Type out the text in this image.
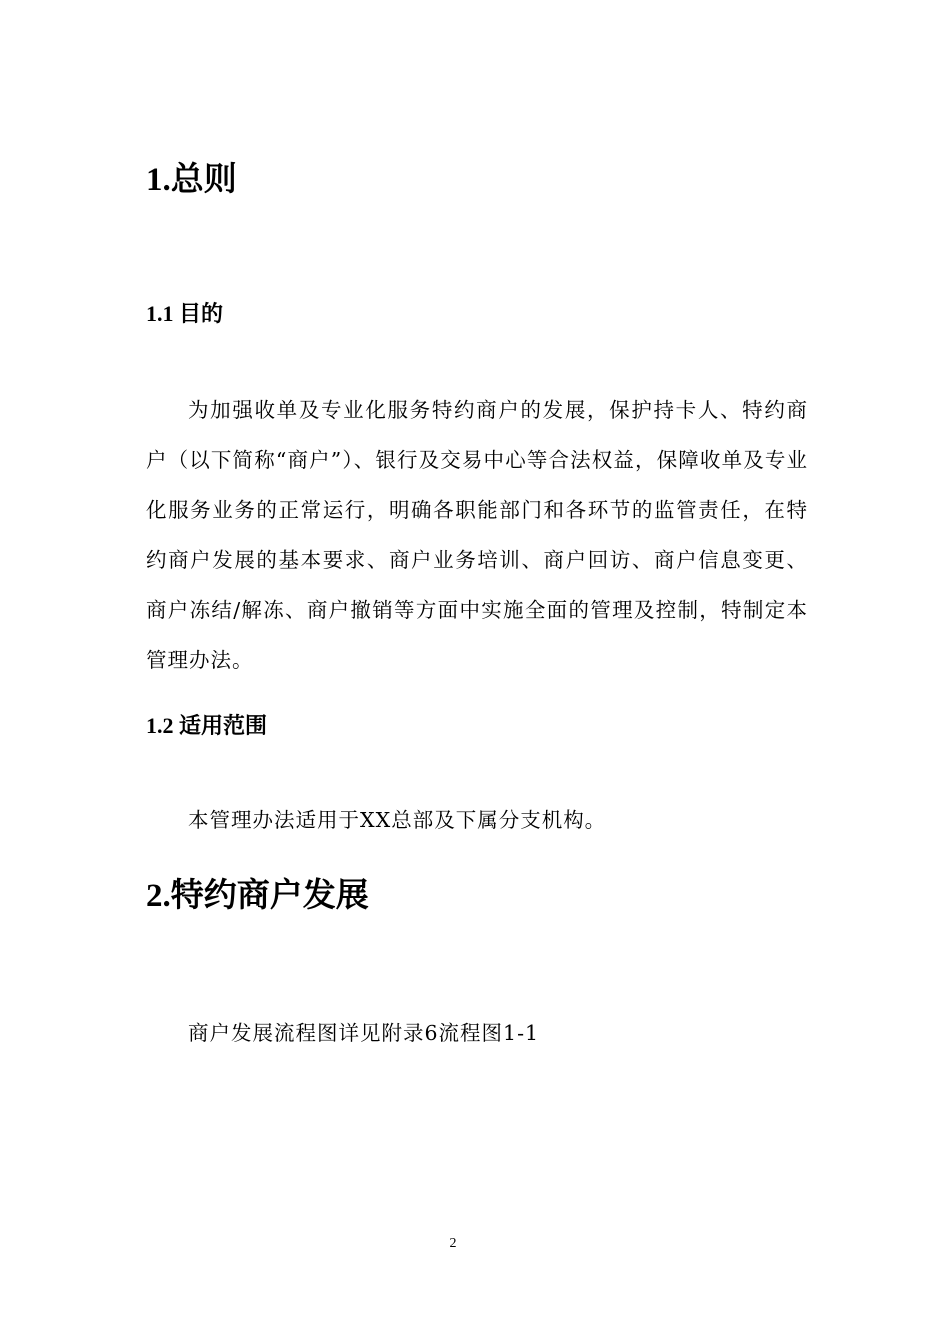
1.总则
1.1 目的

为加强收单及专业化服务特约商户的发展，保护持卡人、特约商户（以下简称“商户”）、银行及交易中心等合法权益，保障收单及专业化服务业务的正常运行，明确各职能部门和各环节的监管责任，在特约商户发展的基本要求、商户业务培训、商户回访、商户信息变更、商户冻结/解冻、商户撤销等方面中实施全面的管理及控制，特制定本管理办法。

1.2 适用范围

本管理办法适用于XX总部及下属分支机构。

2.特约商户发展

商户发展流程图详见附录6流程图1-1

2
